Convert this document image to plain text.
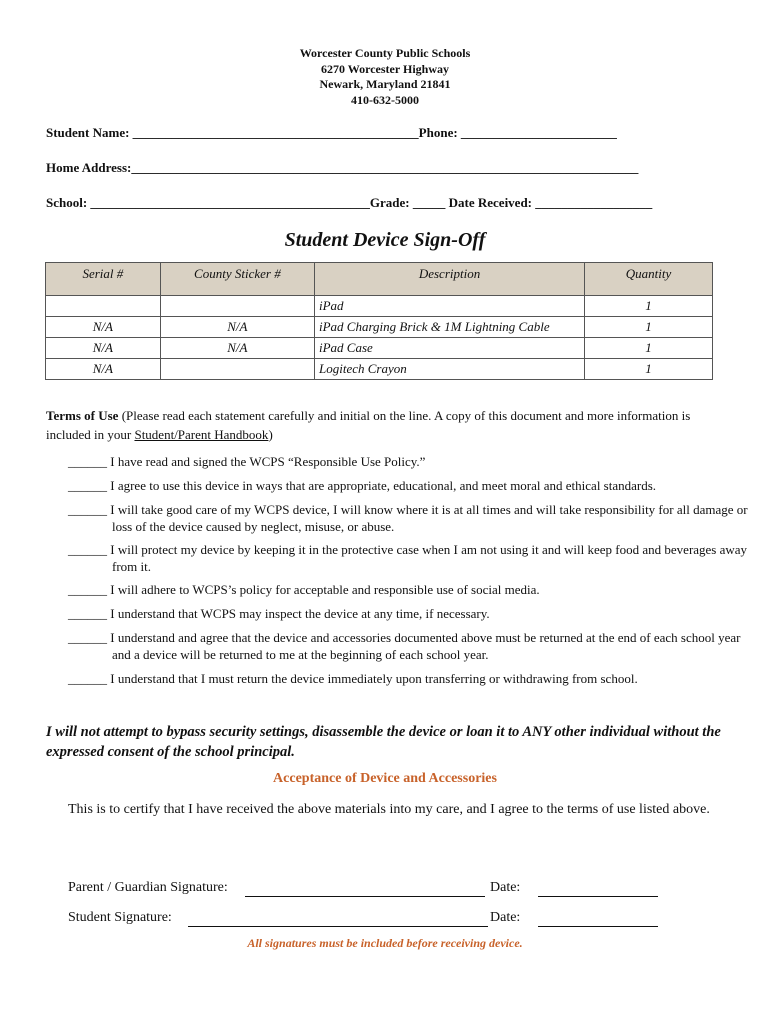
Worcester County Public Schools
6270 Worcester Highway
Newark, Maryland 21841
410-632-5000
Student Name: ____________________________________________Phone: ________________________
Home Address:______________________________________________________________________________
School: ___________________________________________Grade: _____ Date Received: __________________
Student Device Sign-Off
Serial #	County Sticker #	Description	Quantity
		iPad	1
N/A	N/A	iPad Charging Brick & 1M Lightning Cable	1
N/A	N/A	iPad Case	1
N/A		Logitech Crayon	1
Terms of Use (Please read each statement carefully and initial on the line. A copy of this document and more information is included in your Student/Parent Handbook)
______ I have read and signed the WCPS “Responsible Use Policy.”
______ I agree to use this device in ways that are appropriate, educational, and meet moral and ethical standards.
______ I will take good care of my WCPS device, I will know where it is at all times and will take responsibility for all damage or loss of the device caused by neglect, misuse, or abuse.
______ I will protect my device by keeping it in the protective case when I am not using it and will keep food and beverages away from it.
______ I will adhere to WCPS’s policy for acceptable and responsible use of social media.
______ I understand that WCPS may inspect the device at any time, if necessary.
______ I understand and agree that the device and accessories documented above must be returned at the end of each school year and a device will be returned to me at the beginning of each school year.
______ I understand that I must return the device immediately upon transferring or withdrawing from school.
I will not attempt to bypass security settings, disassemble the device or loan it to ANY other individual without the expressed consent of the school principal.
Acceptance of Device and Accessories
This is to certify that I have received the above materials into my care, and I agree to the terms of use listed above.
Parent / Guardian Signature:	Date:
Student Signature:	Date:
All signatures must be included before receiving device.
